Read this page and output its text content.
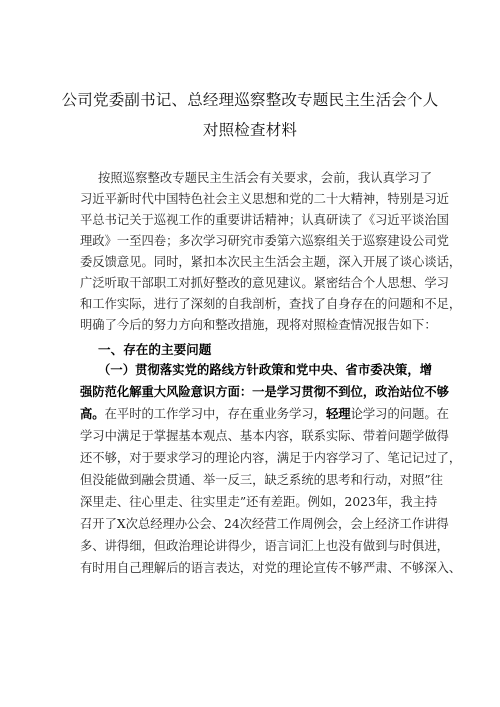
公司党委副书记、总经理巡察整改专题民主生活会个人
对照检查材料
按照巡察整改专题民主生活会有关要求，会前，我认真学习了
习近平新时代中国特色社会主义思想和党的二十大精神，特别是习近
平总书记关于巡视工作的重要讲话精神；认真研读了《习近平谈治国
理政》一至四卷；多次学习研究市委第六巡察组关于巡察建设公司党
委反馈意见。同时，紧扣本次民主生活会主题，深入开展了谈心谈话，
广泛听取干部职工对抓好整改的意见建议。紧密结合个人思想、学习
和工作实际，进行了深刻的自我剖析，查找了自身存在的问题和不足，
明确了今后的努力方向和整改措施，现将对照检查情况报告如下：
一、存在的主要问题
（一）贯彻落实党的路线方针政策和党中央、省市委决策，增
强防范化解重大风险意识方面：一是学习贯彻不到位，政治站位不够
高。在平时的工作学习中，存在重业务学习，轻理论学习的问题。在
学习中满足于掌握基本观点、基本内容，联系实际、带着问题学做得
还不够，对于要求学习的理论内容，满足于内容学习了、笔记记过了，
但没能做到融会贯通、举一反三，缺乏系统的思考和行动，对照”往
深里走、往心里走、往实里走”还有差距。例如，2023年，我主持
召开了X次总经理办公会、24次经营工作周例会，会上经济工作讲得
多、讲得细，但政治理论讲得少，语言词汇上也没有做到与时俱进，
有时用自己理解后的语言表达，对党的理论宣传不够严肃、不够深入、
